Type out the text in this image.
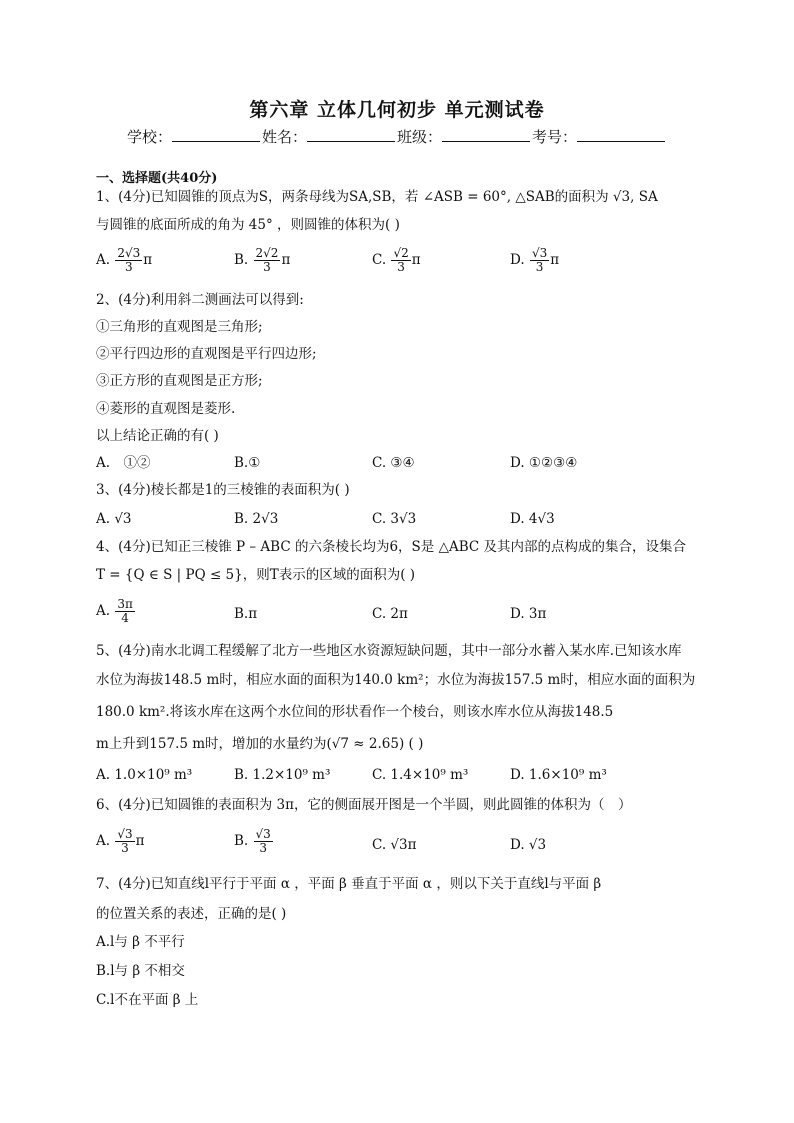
第六章 立体几何初步 单元测试卷
学校：	姓名：	班级：	考号：
一、选择题(共40分)
1、(4分)已知圆锥的顶点为S，两条母线为SA,SB，若 ∠ASB = 60°, △SAB的面积为 √3, SA
与圆锥的底面所成的角为 45° ，则圆锥的体积为( )
A. $\frac{2√3}{3}$ π	B. $\frac{2√2}{3}$ π	C. $\frac{√2}{3}$ π	D. $\frac{√3}{3}$ π
2、(4分)利用斜二测画法可以得到:
①三角形的直观图是三角形;
②平行四边形的直观图是平行四边形;
③正方形的直观图是正方形;
④菱形的直观图是菱形.
以上结论正确的有( )
A.　①②	B.①	C. ③④	D. ①②③④
3、(4分)棱长都是1的三棱锥的表面积为( )
A. √3	B. 2√3	C. 3√3	D. 4√3
4、(4分)已知正三棱锥 P – ABC 的六条棱长均为6，S是 △ABC 及其内部的点构成的集合，设集合
T = {Q ∈ S | PQ ≤ 5}，则T表示的区域的面积为( )
A. $\frac{3\pi}{4}$	B.π	C. 2π	D. 3π
5、(4分)南水北调工程缓解了北方一些地区水资源短缺问题，其中一部分水蓄入某水库.已知该水库
水位为海拔148.5 m时，相应水面的面积为140.0 km²；水位为海拔157.5 m时，相应水面的面积为
180.0 km².将该水库在这两个水位间的形状看作一个棱台，则该水库水位从海拔148.5
m上升到157.5 m时，增加的水量约为(√7 ≈ 2.65) ( )
A. 1.0×10⁹ m³	B. 1.2×10⁹ m³	C. 1.4×10⁹ m³	D. 1.6×10⁹ m³
6、(4分)已知圆锥的表面积为 3π，它的侧面展开图是一个半圆，则此圆锥的体积为（　）
A. $\frac{√3}{3}$ π	B. $\frac{√3}{3}$	C. √3π	D. √3
7、(4分)已知直线l平行于平面 α ，平面 β 垂直于平面 α ，则以下关于直线l与平面 β
的位置关系的表述，正确的是( )
A.l与 β 不平行
B.l与 β 不相交
C.l不在平面 β 上
